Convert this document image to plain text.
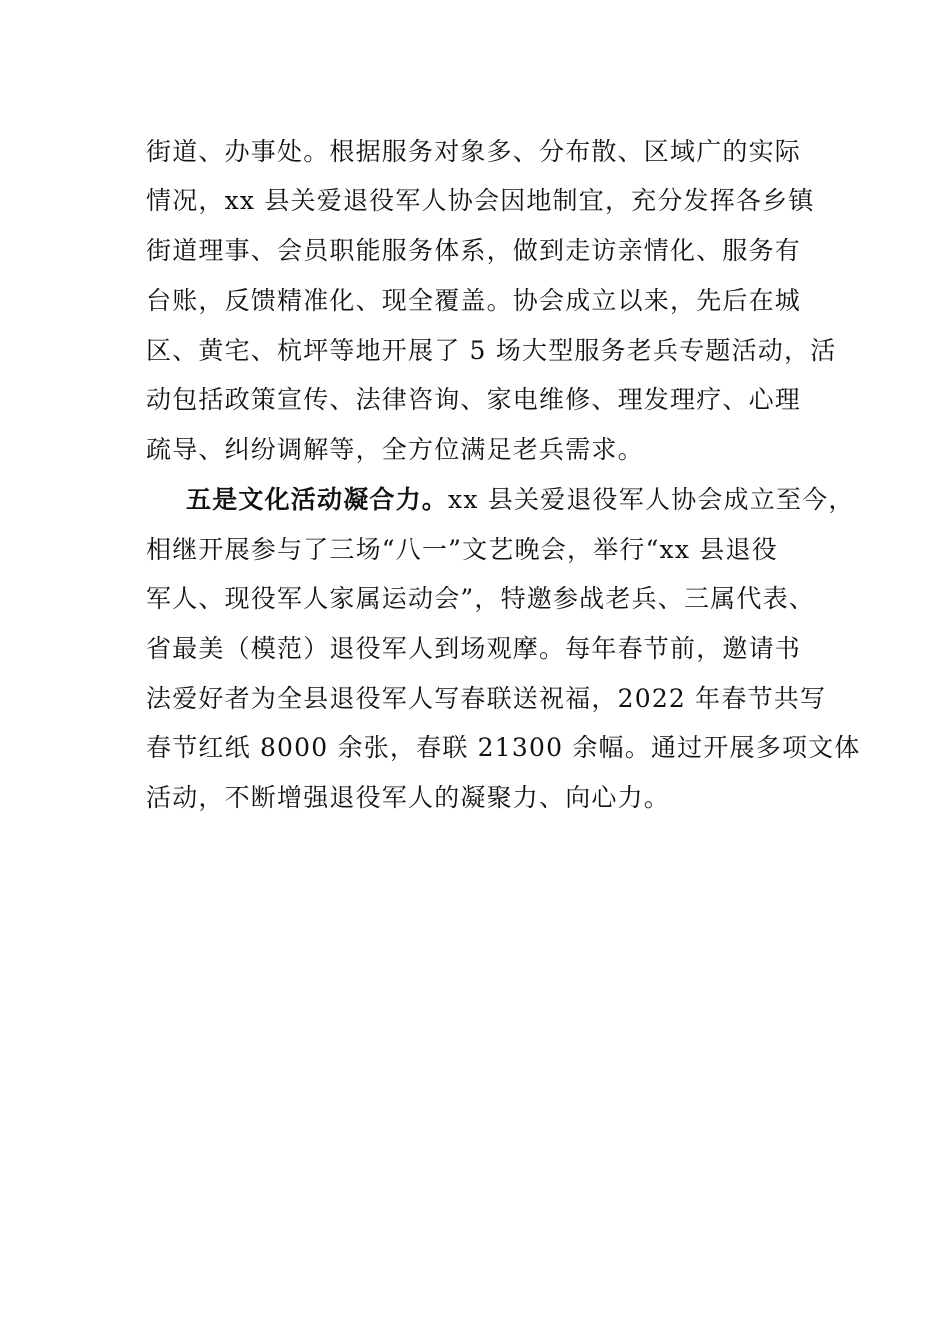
街道、办事处。根据服务对象多、分布散、区域广的实际
情况，xx 县关爱退役军人协会因地制宜，充分发挥各乡镇
街道理事、会员职能服务体系，做到走访亲情化、服务有
台账，反馈精准化、现全覆盖。协会成立以来，先后在城
区、黄宅、杭坪等地开展了 5 场大型服务老兵专题活动，活
动包括政策宣传、法律咨询、家电维修、理发理疗、心理
疏导、纠纷调解等，全方位满足老兵需求。
五是文化活动凝合力。xx 县关爱退役军人协会成立至今，
相继开展参与了三场“八一”文艺晚会，举行“xx 县退役
军人、现役军人家属运动会”，特邀参战老兵、三属代表、
省最美（模范）退役军人到场观摩。每年春节前，邀请书
法爱好者为全县退役军人写春联送祝福，2022 年春节共写
春节红纸 8000 余张，春联 21300 余幅。通过开展多项文体
活动，不断增强退役军人的凝聚力、向心力。
